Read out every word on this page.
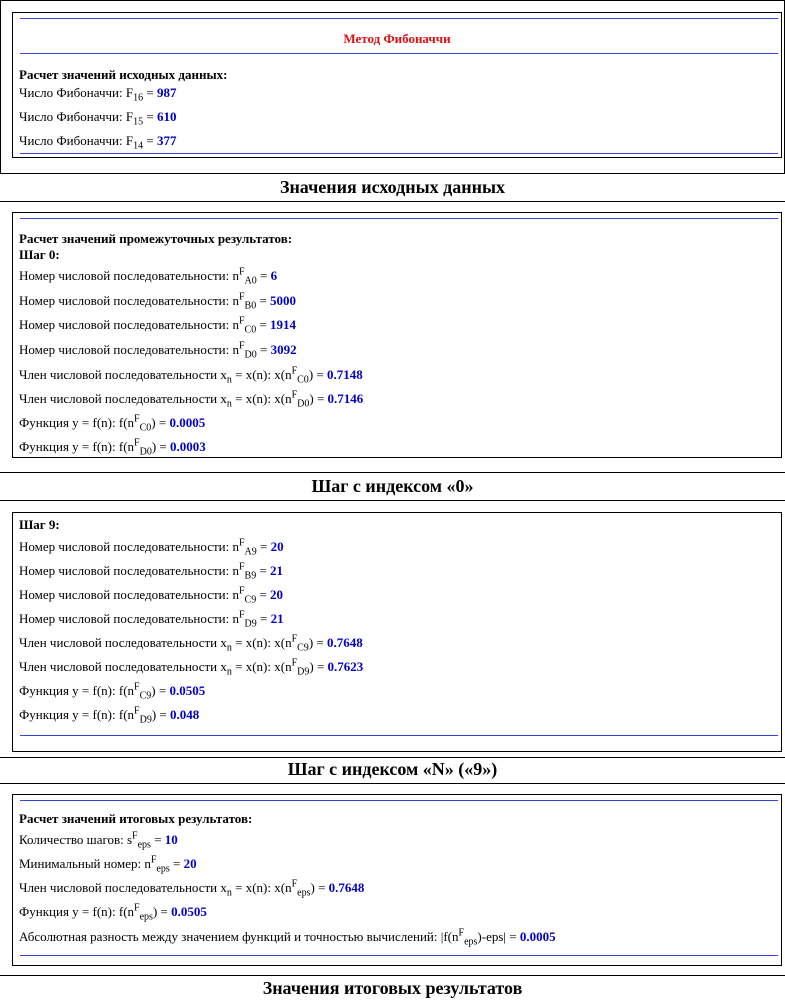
Метод Фибоначчи
Расчет значений исходных данных:
Число Фибоначчи: $F_{16} = 987$
Число Фибоначчи: $F_{15} = 610$
Число Фибоначчи: $F_{14} = 377$
Значения исходных данных
Расчет значений промежуточных результатов:
Шаг 0:
Номер числовой последовательности: $n^F_{A0} = 6$
Номер числовой последовательности: $n^F_{B0} = 5000$
Номер числовой последовательности: $n^F_{C0} = 1914$
Номер числовой последовательности: $n^F_{D0} = 3092$
Член числовой последовательности $x_n = x(n)$: $x(n^F_{C0}) = 0.7148$
Член числовой последовательности $x_n = x(n)$: $x(n^F_{D0}) = 0.7146$
Функция y = f(n): $f(n^F_{C0}) = 0.0005$
Функция y = f(n): $f(n^F_{D0}) = 0.0003$
Шаг с индексом «0»
Шаг 9:
Номер числовой последовательности: $n^F_{A9} = 20$
Номер числовой последовательности: $n^F_{B9} = 21$
Номер числовой последовательности: $n^F_{C9} = 20$
Номер числовой последовательности: $n^F_{D9} = 21$
Член числовой последовательности $x_n = x(n)$: $x(n^F_{C9}) = 0.7648$
Член числовой последовательности $x_n = x(n)$: $x(n^F_{D9}) = 0.7623$
Функция y = f(n): $f(n^F_{C9}) = 0.0505$
Функция y = f(n): $f(n^F_{D9}) = 0.048$
Шаг с индексом «N» («9»)
Расчет значений итоговых результатов:
Количество шагов: $s^F_{eps} = 10$
Минимальный номер: $n^F_{eps} = 20$
Член числовой последовательности $x_n = x(n)$: $x(n^F_{eps}) = 0.7648$
Функция y = f(n): $f(n^F_{eps}) = 0.0505$
Абсолютная разность между значением функций и точностью вычислений: $|f(n^F_{eps})-eps| = 0.0005$
Значения итоговых результатов
